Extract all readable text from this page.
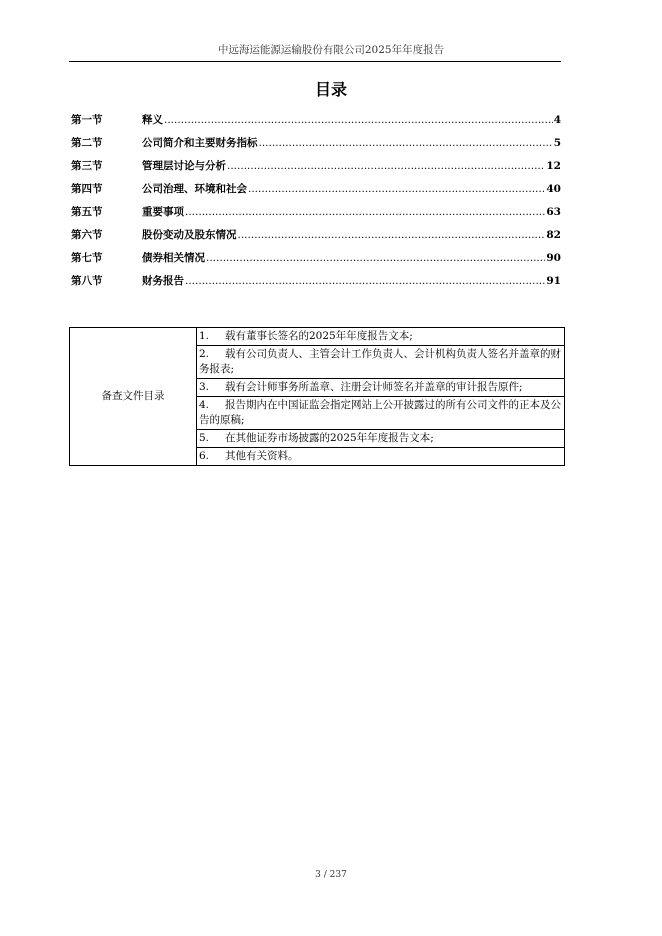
中远海运能源运输股份有限公司2025年年度报告
目录
第一节	释义 .....	4
第二节	公司简介和主要财务指标 .....	5
第三节	管理层讨论与分析 .....	12
第四节	公司治理、环境和社会 .....	40
第五节	重要事项 .....	63
第六节	股份变动及股东情况 .....	82
第七节	债券相关情况 .....	90
第八节	财务报告 .....	91
备查文件目录	1. 载有董事长签名的2025年年度报告文本;
2. 载有公司负责人、主管会计工作负责人、会计机构负责人签名并盖章的财务报表;
3. 载有会计师事务所盖章、注册会计师签名并盖章的审计报告原件;
4. 报告期内在中国证监会指定网站上公开披露过的所有公司文件的正本及公告的原稿;
5. 在其他证券市场披露的2025年年度报告文本;
6. 其他有关资料。
3 / 237
